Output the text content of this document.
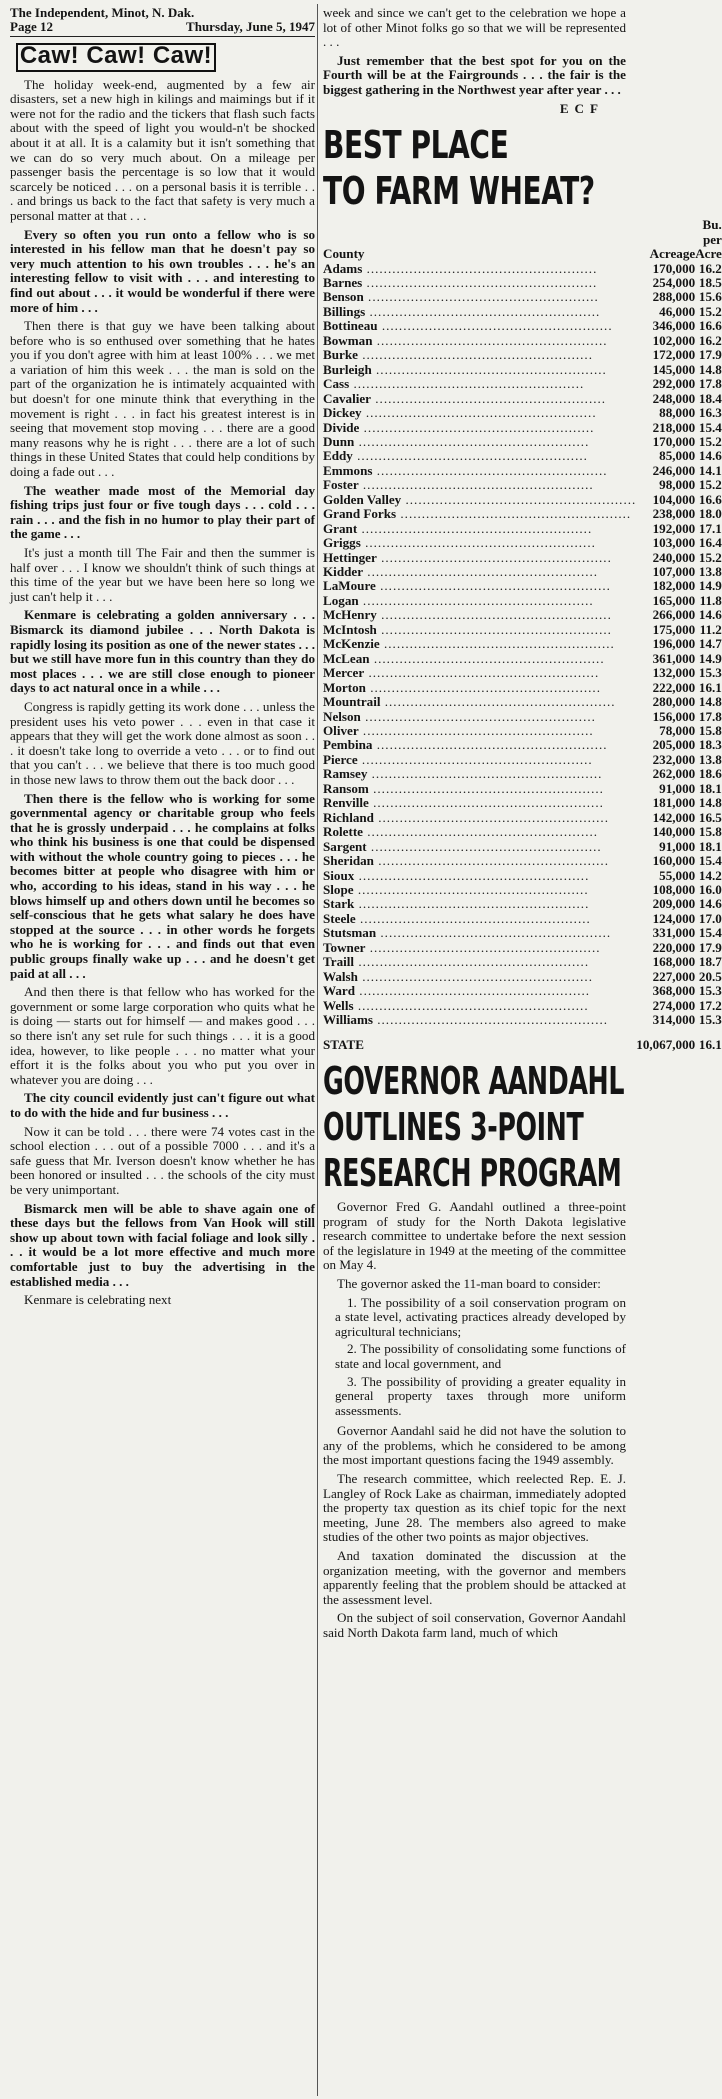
The Independent, Minot, N. Dak.
Page 12	Thursday, June 5, 1947
Caw! Caw! Caw!

The holiday week-end, augmented by a few air disasters, set a new high in kilings and maimings but if it were not for the radio and the tickers that flash such facts about with the speed of light you would-n't be shocked about it at all. It is a calamity but it isn't something that we can do so very much about. On a mileage per passenger basis the percentage is so low that it would scarcely be noticed . . . on a personal basis it is terrible . . . and brings us back to the fact that safety is very much a personal matter at that . . .

Every so often you run onto a fellow who is so interested in his fellow man that he doesn't pay so very much attention to his own troubles . . . he's an interesting fellow to visit with . . . and interesting to find out about . . . it would be wonderful if there were more of him . . .

Then there is that guy we have been talking about before who is so enthused over something that he hates you if you don't agree with him at least 100% . . . we met a variation of him this week . . . the man is sold on the part of the organization he is intimately acquainted with but doesn't for one minute think that everything in the movement is right . . . in fact his greatest interest is in seeing that movement stop moving . . . there are a good many reasons why he is right . . . there are a lot of such things in these United States that could help conditions by doing a fade out . . .

The weather made most of the Memorial day fishing trips just four or five tough days . . . cold . . . rain . . . and the fish in no humor to play their part of the game . . .

It's just a month till The Fair and then the summer is half over . . . I know we shouldn't think of such things at this time of the year but we have been here so long we just can't help it . . .

Kenmare is celebrating a golden anniversary . . . Bismarck its diamond jubilee . . . North Dakota is rapidly losing its position as one of the newer states . . . but we still have more fun in this country than they do most places . . . we are still close enough to pioneer days to act natural once in a while . . .

Congress is rapidly getting its work done . . . unless the president uses his veto power . . . even in that case it appears that they will get the work done almost as soon . . . it doesn't take long to override a veto . . . or to find out that you can't . . . we believe that there is too much good in those new laws to throw them out the back door . . .

Then there is the fellow who is working for some governmental agency or charitable group who feels that he is grossly underpaid . . . he complains at folks who think his business is one that could be dispensed with without the whole country going to pieces . . . he becomes bitter at people who disagree with him or who, according to his ideas, stand in his way . . . he blows himself up and others down until he becomes so self-conscious that he gets what salary he does have stopped at the source . . . in other words he forgets who he is working for . . . and finds out that even public groups finally wake up . . . and he doesn't get paid at all . . .

And then there is that fellow who has worked for the government or some large corporation who quits what he is doing — starts out for himself — and makes good . . . so there isn't any set rule for such things . . . it is a good idea, however, to like people . . . no matter what your effort it is the folks about you who put you over in whatever you are doing . . .

The city council evidently just can't figure out what to do with the hide and fur business . . .

Now it can be told . . . there were 74 votes cast in the school election . . . out of a possible 7000 . . . and it's a safe guess that Mr. Iverson doesn't know whether he has been honored or insulted . . . the schools of the city must be very unimportant.

Bismarck men will be able to shave again one of these days but the fellows from Van Hook will still show up about town with facial foliage and look silly . . . it would be a lot more effective and much more comfortable just to buy the advertising in the established media . . .

Kenmare is celebrating next

week and since we can't get to the celebration we hope a lot of other Minot folks go so that we will be represented . . .

Just remember that the best spot for you on the Fourth will be at the Fairgrounds . . . the fair is the biggest gathering in the Northwest year after year . . .

ECF
BEST PLACE
TO FARM WHEAT?
County	Acreage	Bu. per
Acre
Adams .....	170,000	16.2
Barnes .....	254,000	18.5
Benson .....	288,000	15.6
Billings .....	46,000	15.2
Bottineau .....	346,000	16.6
Bowman .....	102,000	16.2
Burke .....	172,000	17.9
Burleigh .....	145,000	14.8
Cass .....	292,000	17.8
Cavalier .....	248,000	18.4
Dickey .....	88,000	16.3
Divide .....	218,000	15.4
Dunn .....	170,000	15.2
Eddy .....	85,000	14.6
Emmons .....	246,000	14.1
Foster .....	98,000	15.2
Golden Valley .....	104,000	16.6
Grand Forks .....	238,000	18.0
Grant .....	192,000	17.1
Griggs .....	103,000	16.4
Hettinger .....	240,000	15.2
Kidder .....	107,000	13.8
LaMoure .....	182,000	14.9
Logan .....	165,000	11.8
McHenry .....	266,000	14.6
McIntosh .....	175,000	11.2
McKenzie .....	196,000	14.7
McLean .....	361,000	14.9
Mercer .....	132,000	15.3
Morton .....	222,000	16.1
Mountrail .....	280,000	14.8
Nelson .....	156,000	17.8
Oliver .....	78,000	15.8
Pembina .....	205,000	18.3
Pierce .....	232,000	13.8
Ramsey .....	262,000	18.6
Ransom .....	91,000	18.1
Renville .....	181,000	14.8
Richland .....	142,000	16.5
Rolette .....	140,000	15.8
Sargent .....	91,000	18.1
Sheridan .....	160,000	15.4
Sioux .....	55,000	14.2
Slope .....	108,000	16.0
Stark .....	209,000	14.6
Steele .....	124,000	17.0
Stutsman .....	331,000	15.4
Towner .....	220,000	17.9
Traill .....	168,000	18.7
Walsh .....	227,000	20.5
Ward .....	368,000	15.3
Wells .....	274,000	17.2
Williams .....	314,000	15.3
STATE	10,067,000	16.1
GOVERNOR AANDAHL
OUTLINES 3-POINT
RESEARCH PROGRAM

Governor Fred G. Aandahl outlined a three-point program of study for the North Dakota legislative research committee to undertake before the next session of the legislature in 1949 at the meeting of the committee on May 4.

The governor asked the 11-man board to consider:

1. The possibility of a soil conservation program on a state level, activating practices already developed by agricultural technicians;
2. The possibility of consolidating some functions of state and local government, and
3. The possibility of providing a greater equality in general property taxes through more uniform assessments.

Governor Aandahl said he did not have the solution to any of the problems, which he considered to be among the most important questions facing the 1949 assembly.

The research committee, which reelected Rep. E. J. Langley of Rock Lake as chairman, immediately adopted the property tax question as its chief topic for the next meeting, June 28. The members also agreed to make studies of the other two points as major objectives.

And taxation dominated the discussion at the organization meeting, with the governor and members apparently feeling that the problem should be attacked at the assessment level.

On the subject of soil conservation, Governor Aandahl said North Dakota farm land, much of which
